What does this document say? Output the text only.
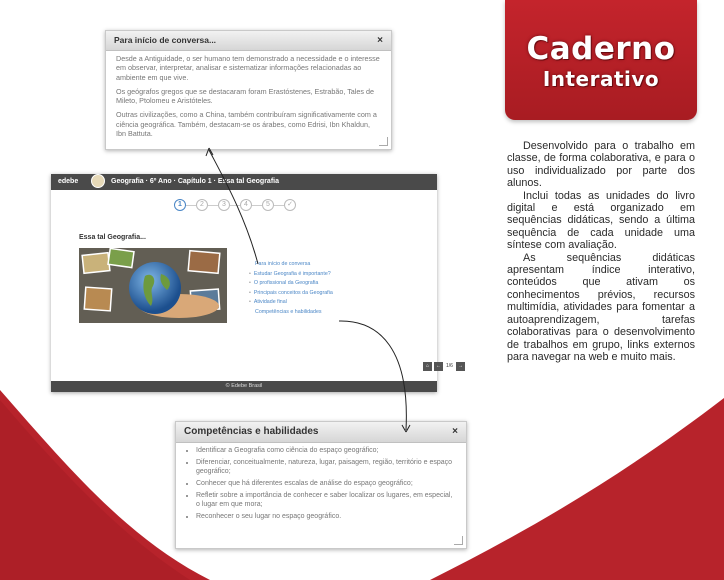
Caderno
Interativo

Desenvolvido para o trabalho em classe, de forma colaborativa, e para o uso individualizado por parte dos alunos.

Inclui todas as unidades do livro digital e está organizado em sequências didáticas, sendo a última sequência de cada unidade uma síntese com avaliação.

As sequências didáticas apresentam índice interativo, conteúdos que ativam os conhecimentos prévios, recursos multimídia, atividades para fomentar a autoaprendizagem, tarefas colaborativas para o desenvolvimento de trabalhos em grupo, links externos para navegar na web e muito mais.

Para início de conversa...	×

Desde a Antiguidade, o ser humano tem demonstrado a necessidade e o interesse em observar, interpretar, analisar e sistematizar informações relacionadas ao ambiente em que vive.

Os geógrafos gregos que se destacaram foram Erastóstenes, Estrabão, Tales de Mileto, Ptolomeu e Aristóteles.

Outras civilizações, como a China, também contribuíram significativamente com a ciência geográfica. Também, destacam-se os árabes, como Edrisi, Ibn Khaldun, Ibn Battuta.

edebe	Geografia · 6º Ano · Capítulo 1 · Essa tal Geografia
1	2	3	4	5	✓
Essa tal Geografia...
Para início de conversa
• Estudar Geografia é importante?
• O profissional da Geografia
• Principais conceitos da Geografia
• Atividade final
Competências e habilidades
⌂	←	1/6	→
© Edebe Brasil
Competências e habilidades	×
• Identificar a Geografia como ciência do espaço geográfico;
• Diferenciar, conceitualmente, natureza, lugar, paisagem, região, território e espaço geográfico;
• Conhecer que há diferentes escalas de análise do espaço geográfico;
• Refletir sobre a importância de conhecer e saber localizar os lugares, em especial, o lugar em que mora;
• Reconhecer o seu lugar no espaço geográfico.
